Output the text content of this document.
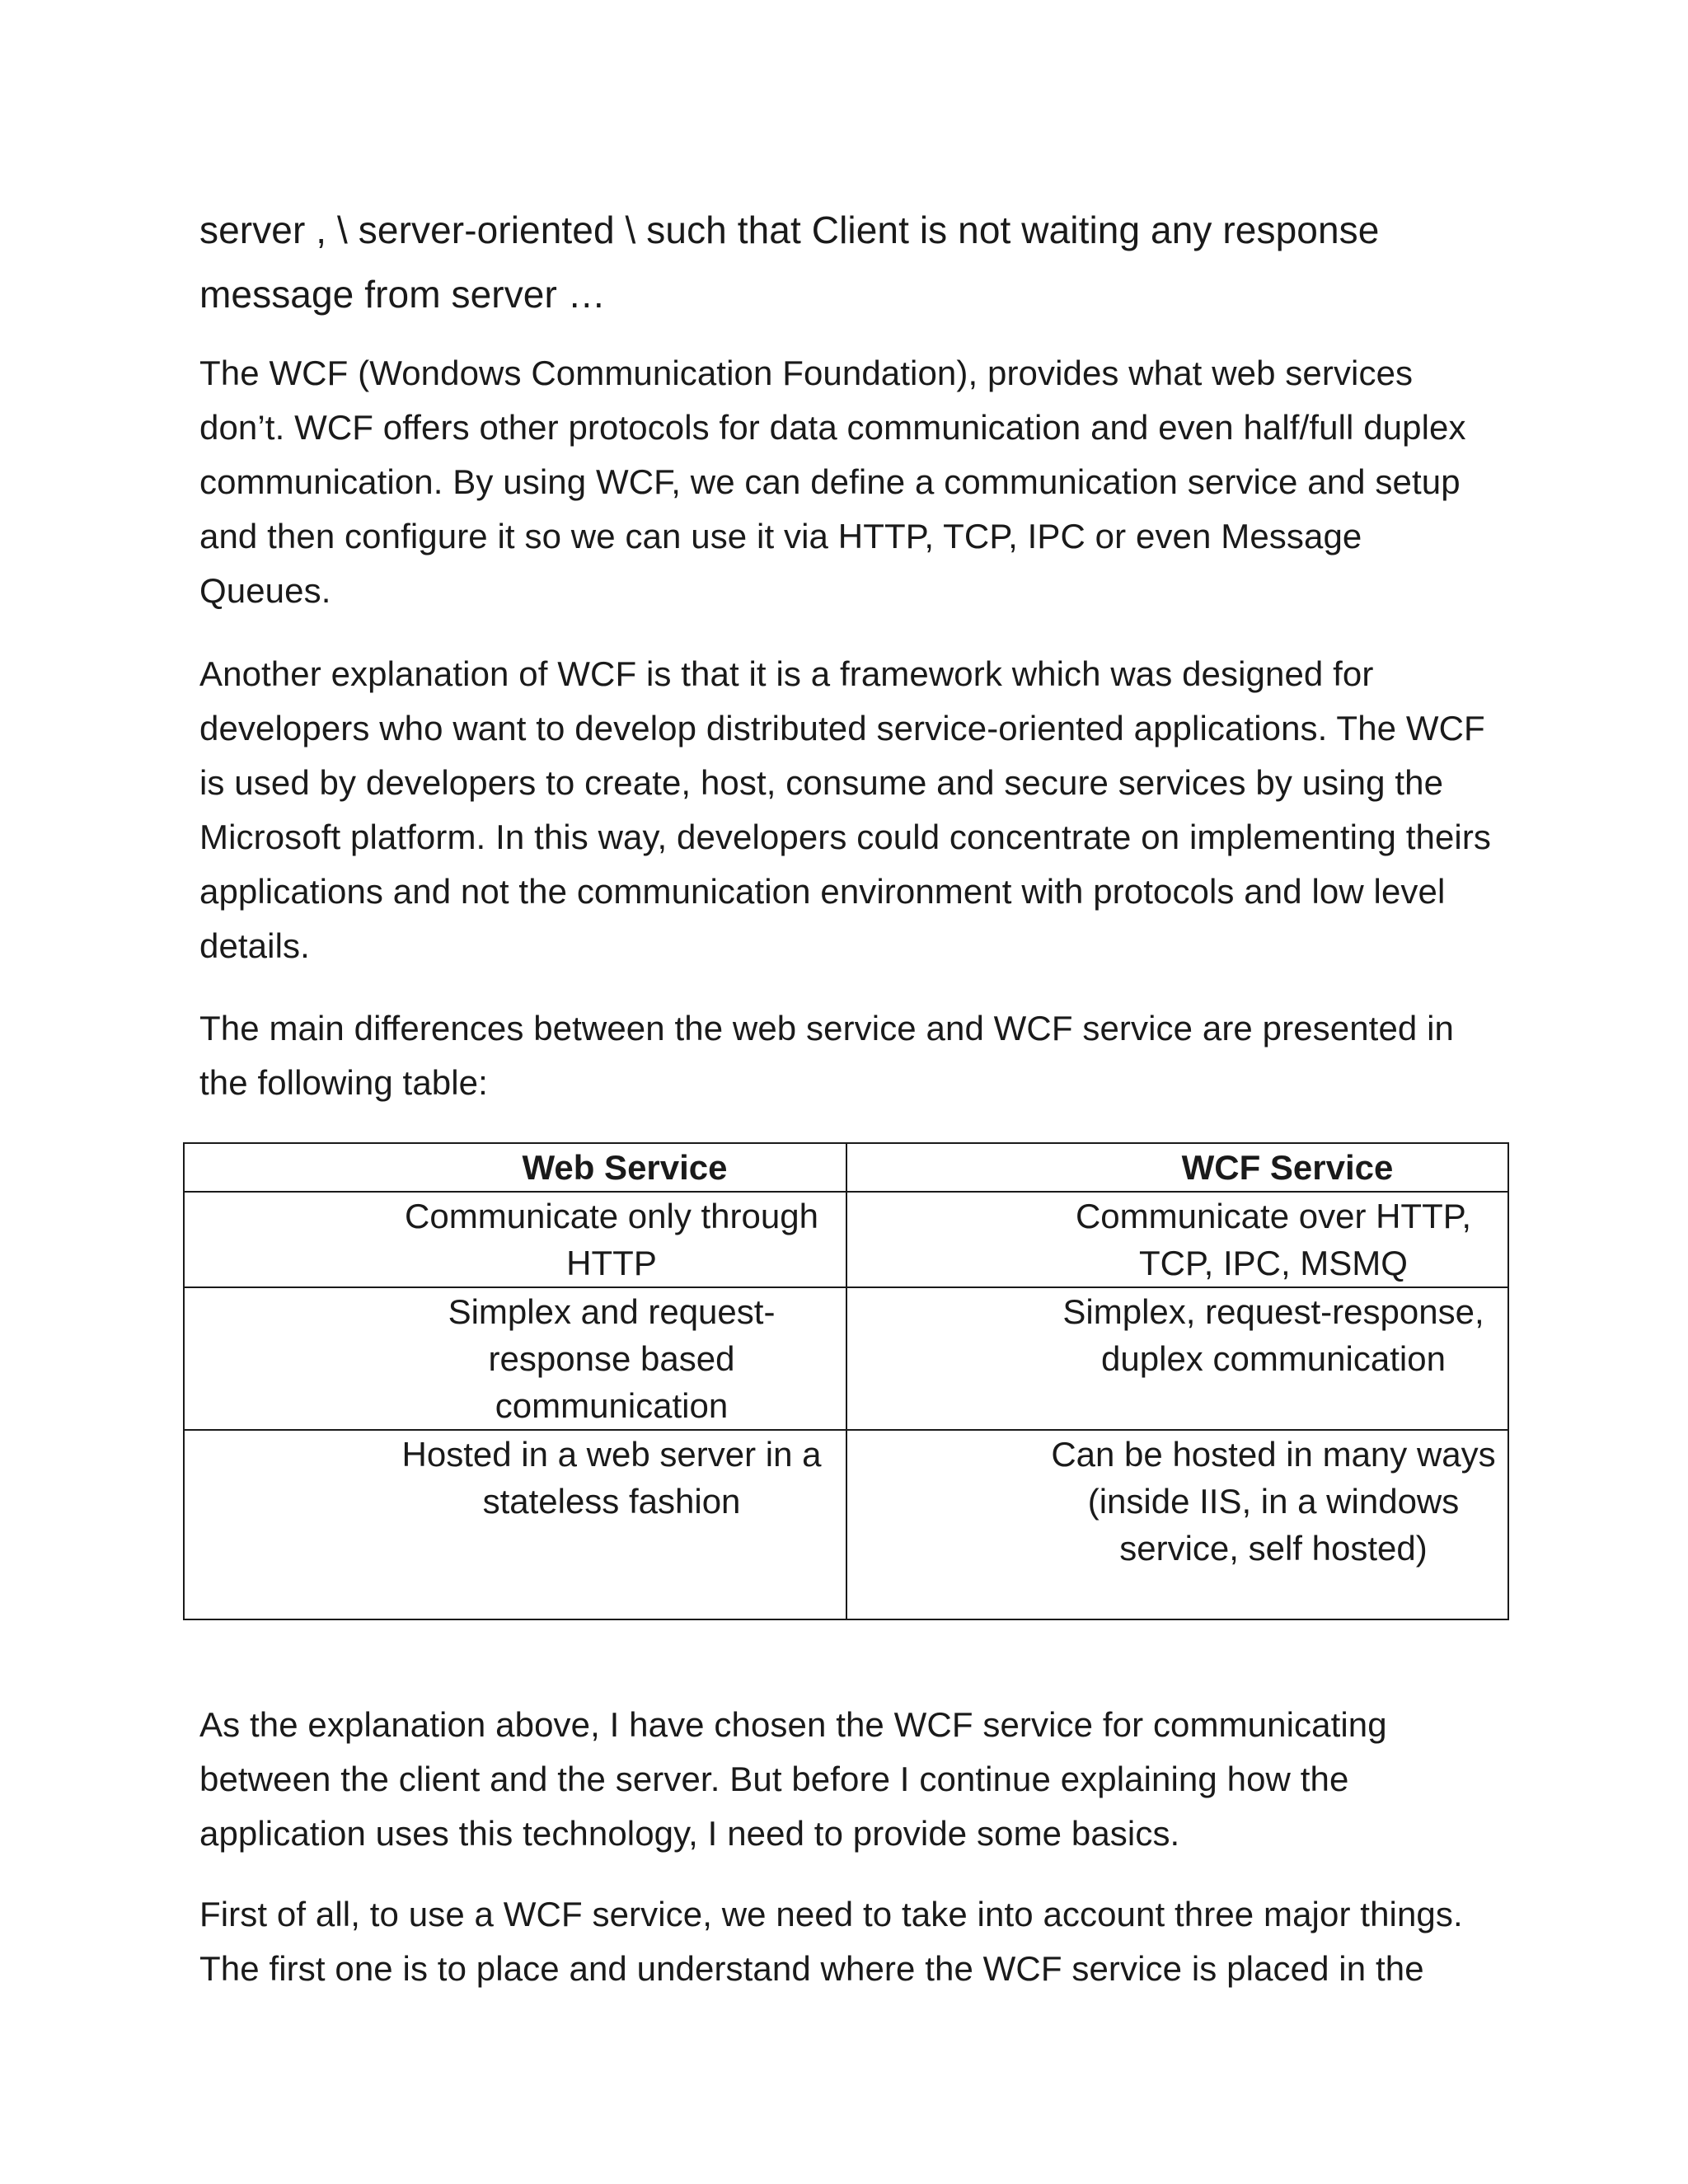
server , \ server-oriented \ such that Client is not waiting any response message from server …

The WCF (Wondows Communication Foundation), provides what web services don’t. WCF offers other protocols for data communication and even half/full duplex communication. By using WCF, we can define a communication service and setup and then configure it so we can use it via HTTP, TCP, IPC or even Message Queues.

Another explanation of WCF is that it is a framework which was designed for developers who want to develop distributed service-oriented applications. The WCF is used by developers to create, host, consume and secure services by using the Microsoft platform. In this way, developers could concentrate on implementing theirs applications and not the communication environment with protocols and low level details.

The main differences between the web service and WCF service are presented in the following table:

Web Service	WCF Service

Communicate only through HTTP	Communicate over HTTP, TCP, IPC, MSMQ

Simplex and request-response based communication	Simplex, request-response, duplex communication

Hosted in a web server in a stateless fashion	Can be hosted in many ways (inside IIS, in a windows service, self hosted)

As the explanation above, I have chosen the WCF service for communicating between the client and the server. But before I continue explaining how the application uses this technology, I need to provide some basics.

First of all, to use a WCF service, we need to take into account three major things. The first one is to place and understand where the WCF service is placed in the
